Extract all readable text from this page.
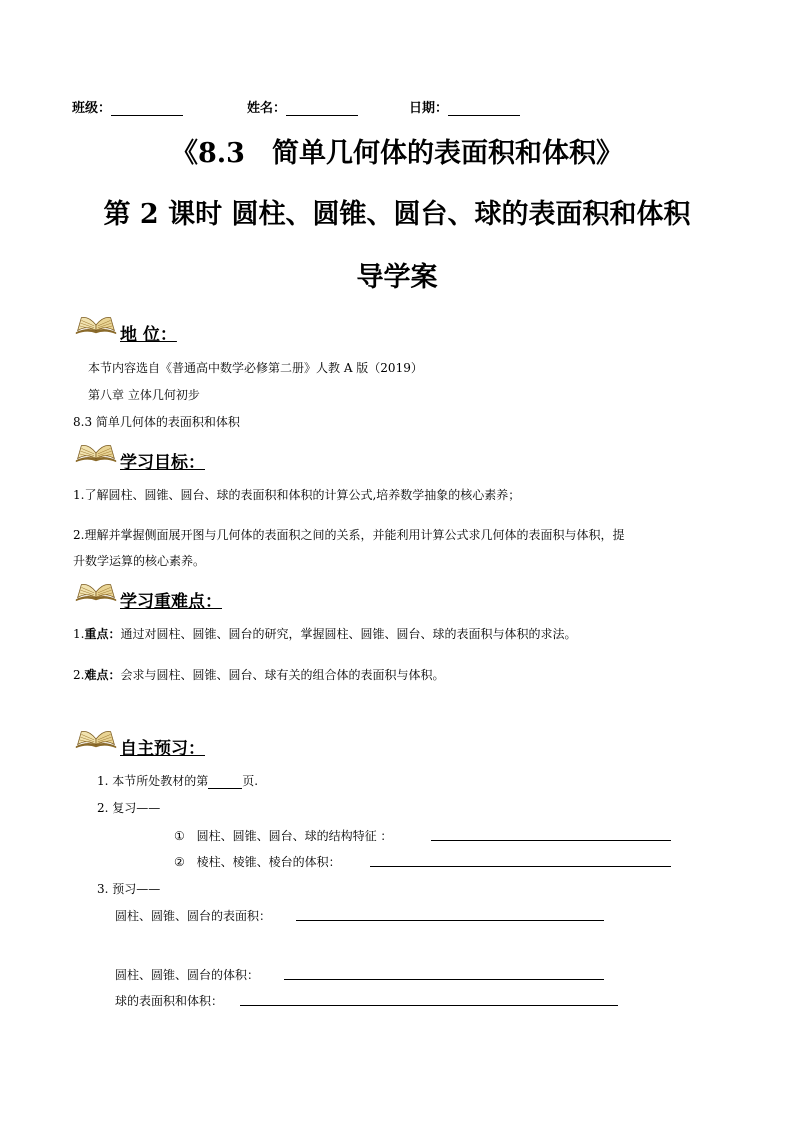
班级：	姓名：	日期：
《8.3　简单几何体的表面积和体积》
第 2 课时 圆柱、圆锥、圆台、球的表面积和体积
导学案
地 位：
本节内容选自《普通高中数学必修第二册》人教 A 版（2019）
第八章 立体几何初步
8.3 简单几何体的表面积和体积
学习目标：
1.了解圆柱、圆锥、圆台、球的表面积和体积的计算公式,培养数学抽象的核心素养；
2.理解并掌握侧面展开图与几何体的表面积之间的关系，并能利用计算公式求几何体的表面积与体积，提
升数学运算的核心素养。
学习重难点：
1.重点：通过对圆柱、圆锥、圆台的研究，掌握圆柱、圆锥、圆台、球的表面积与体积的求法。
2.难点：会求与圆柱、圆锥、圆台、球有关的组合体的表面积与体积。
自主预习：
1. 本节所处教材的第	页.
2. 复习——
① 圆柱、圆锥、圆台、球的结构特征 ：
② 棱柱、棱锥、棱台的体积：
3. 预习——
圆柱、圆锥、圆台的表面积：
圆柱、圆锥、圆台的体积：
球的表面积和体积：
